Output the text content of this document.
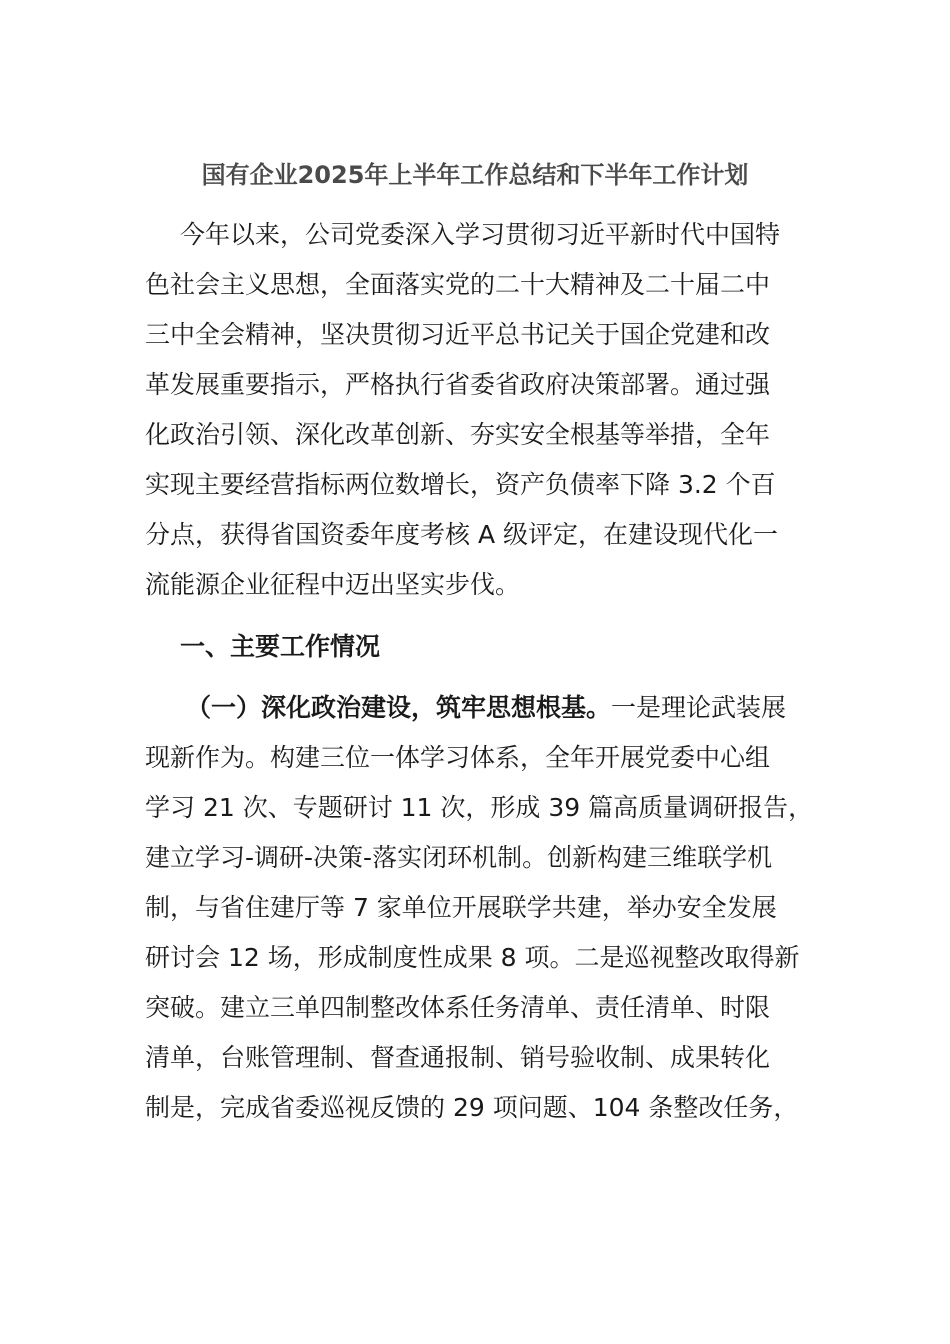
国有企业2025年上半年工作总结和下半年工作计划
今年以来，公司党委深入学习贯彻习近平新时代中国特
色社会主义思想，全面落实党的二十大精神及二十届二中
三中全会精神，坚决贯彻习近平总书记关于国企党建和改
革发展重要指示，严格执行省委省政府决策部署。通过强
化政治引领、深化改革创新、夯实安全根基等举措，全年
实现主要经营指标两位数增长，资产负债率下降 3.2 个百
分点，获得省国资委年度考核 A 级评定，在建设现代化一
流能源企业征程中迈出坚实步伐。
一、主要工作情况
（一）深化政治建设，筑牢思想根基。一是理论武装展
现新作为。构建三位一体学习体系，全年开展党委中心组
学习 21 次、专题研讨 11 次，形成 39 篇高质量调研报告，
建立学习-调研-决策-落实闭环机制。创新构建三维联学机
制，与省住建厅等 7 家单位开展联学共建，举办安全发展
研讨会 12 场，形成制度性成果 8 项。二是巡视整改取得新
突破。建立三单四制整改体系任务清单、责任清单、时限
清单，台账管理制、督查通报制、销号验收制、成果转化
制是，完成省委巡视反馈的 29 项问题、104 条整改任务，
